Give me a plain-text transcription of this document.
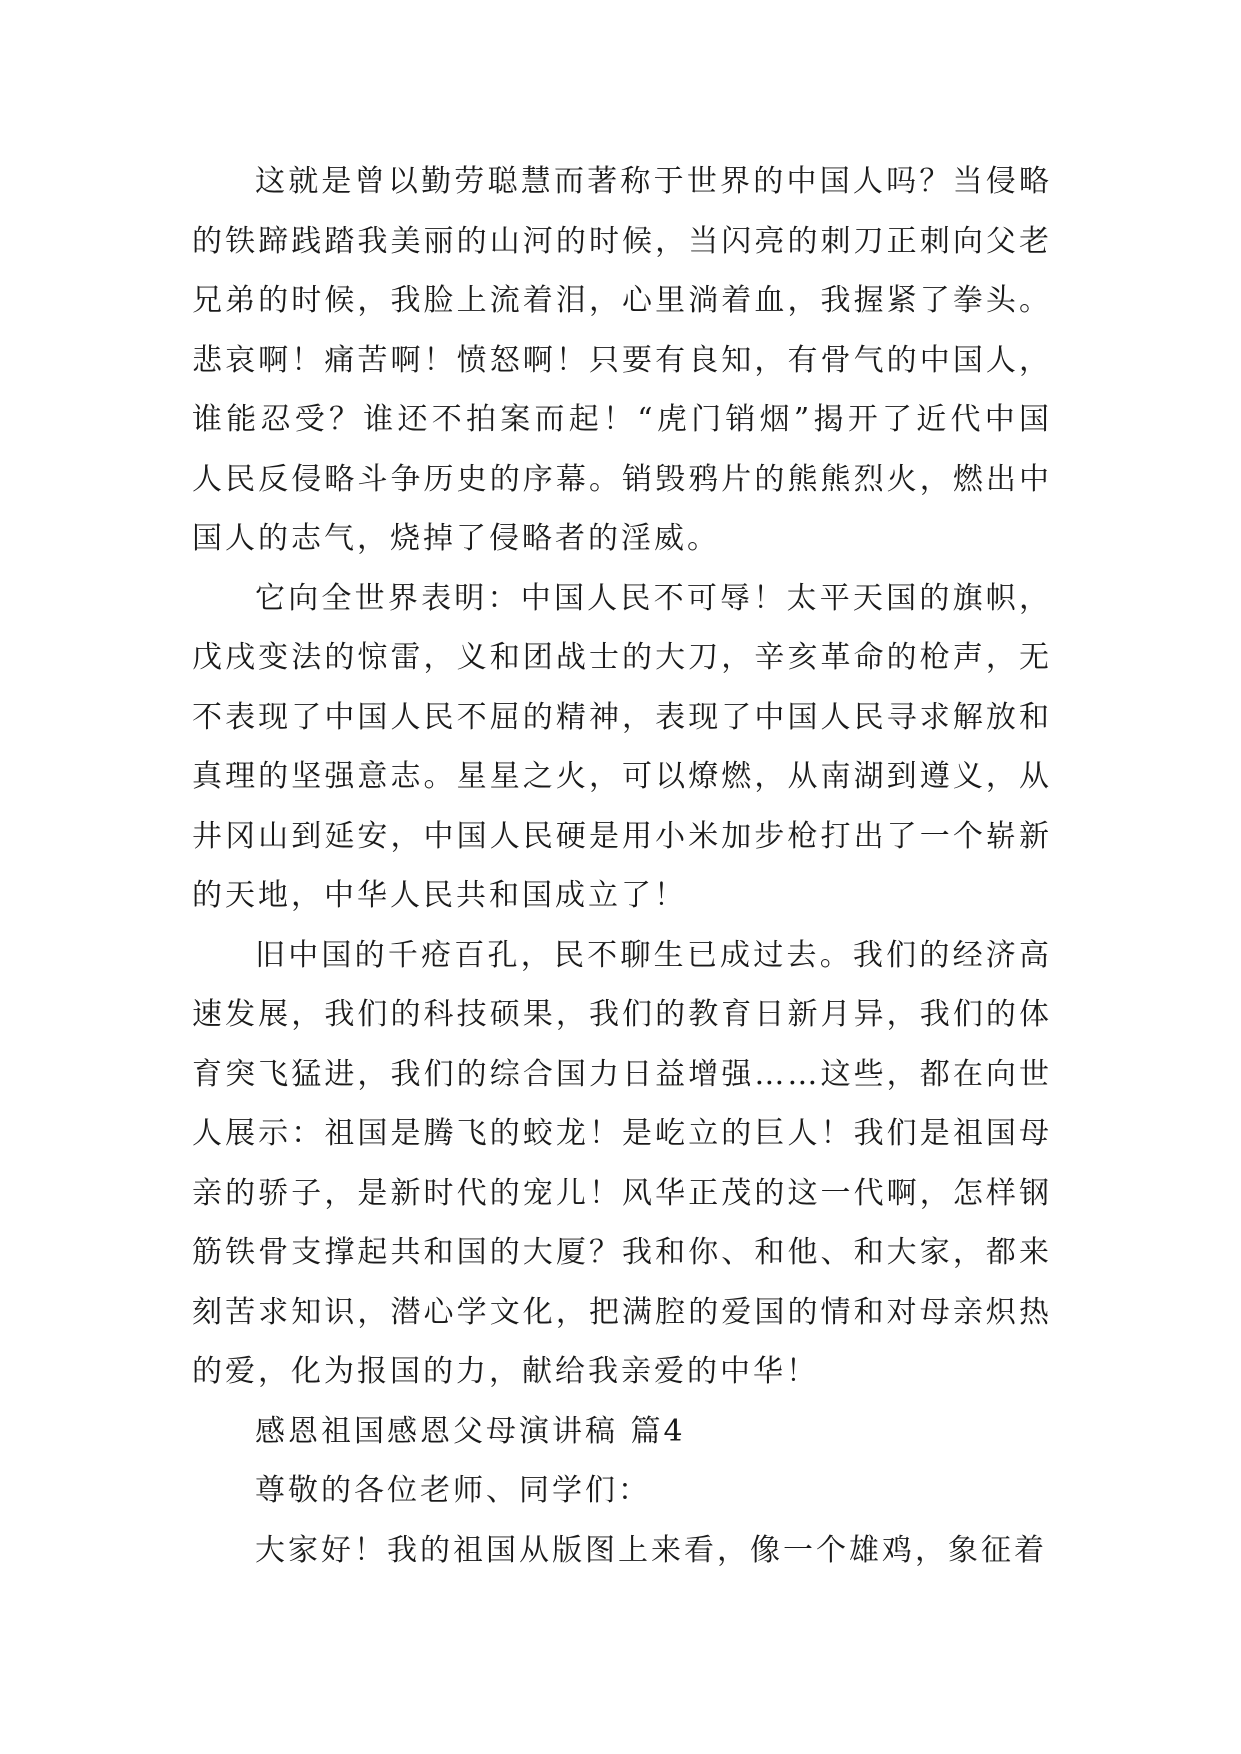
这就是曾以勤劳聪慧而著称于世界的中国人吗？当侵略的铁蹄践踏我美丽的山河的时候，当闪亮的刺刀正刺向父老兄弟的时候，我脸上流着泪，心里淌着血，我握紧了拳头。悲哀啊！痛苦啊！愤怒啊！只要有良知，有骨气的中国人，谁能忍受？谁还不拍案而起！“虎门销烟”揭开了近代中国人民反侵略斗争历史的序幕。销毁鸦片的熊熊烈火，燃出中国人的志气，烧掉了侵略者的淫威。

它向全世界表明：中国人民不可辱！太平天国的旗帜，戊戌变法的惊雷，义和团战士的大刀，辛亥革命的枪声，无不表现了中国人民不屈的精神，表现了中国人民寻求解放和真理的坚强意志。星星之火，可以燎燃，从南湖到遵义，从井冈山到延安，中国人民硬是用小米加步枪打出了一个崭新的天地，中华人民共和国成立了！

旧中国的千疮百孔，民不聊生已成过去。我们的经济高速发展，我们的科技硕果，我们的教育日新月异，我们的体育突飞猛进，我们的综合国力日益增强……这些，都在向世人展示：祖国是腾飞的蛟龙！是屹立的巨人！我们是祖国母亲的骄子，是新时代的宠儿！风华正茂的这一代啊，怎样钢筋铁骨支撑起共和国的大厦？我和你、和他、和大家，都来刻苦求知识，潜心学文化，把满腔的爱国的情和对母亲炽热的爱，化为报国的力，献给我亲爱的中华！

感恩祖国感恩父母演讲稿 篇4

尊敬的各位老师、同学们：

大家好！我的祖国从版图上来看，像一个雄鸡，象征着
